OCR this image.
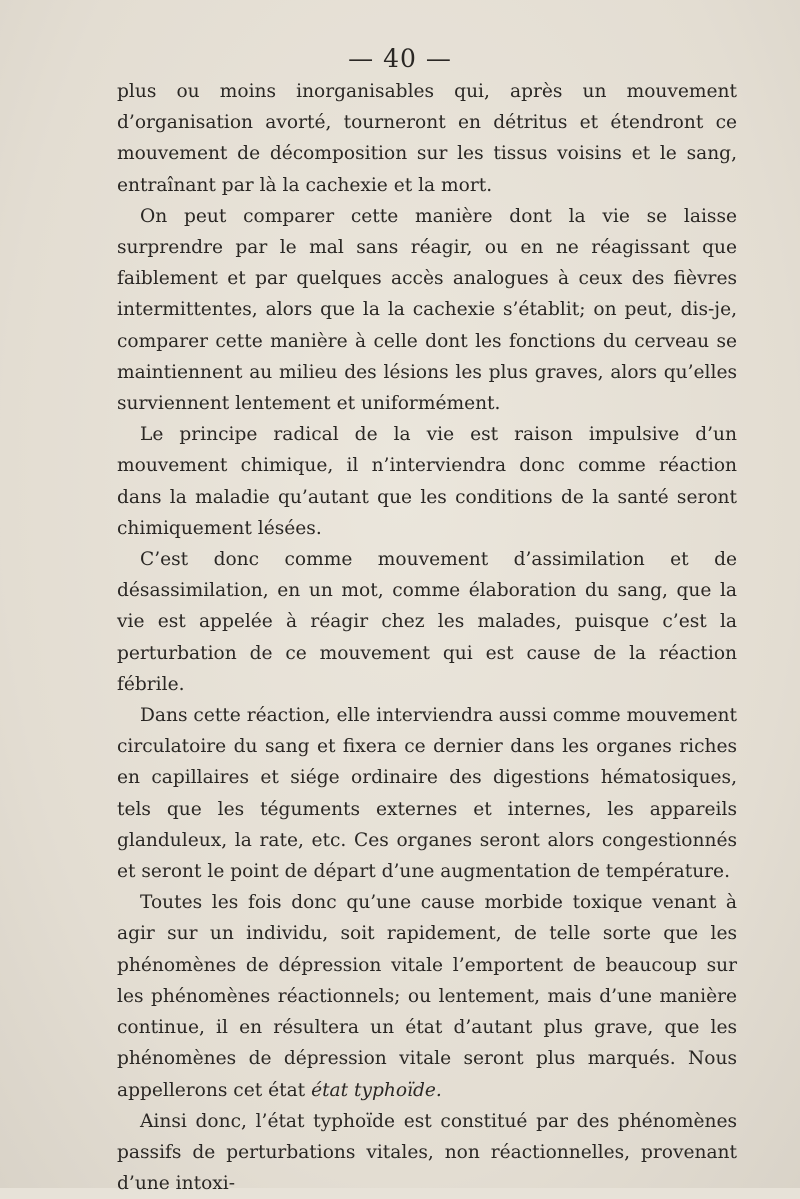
— 40 —

plus ou moins inorganisables qui, après un mouvement d’organisation avorté, tourneront en détritus et étendront ce mouvement de décomposition sur les tissus voisins et le sang, entraînant par là la cachexie et la mort.

On peut comparer cette manière dont la vie se laisse surprendre par le mal sans réagir, ou en ne réagissant que faiblement et par quelques accès analogues à ceux des fièvres intermittentes, alors que la la cachexie s’établit; on peut, dis-je, comparer cette manière à celle dont les fonctions du cerveau se maintiennent au milieu des lésions les plus graves, alors qu’elles surviennent lentement et uniformément.

Le principe radical de la vie est raison impulsive d’un mouvement chimique, il n’interviendra donc comme réaction dans la maladie qu’autant que les conditions de la santé seront chimiquement lésées.

C’est donc comme mouvement d’assimilation et de désassimilation, en un mot, comme élaboration du sang, que la vie est appelée à réagir chez les malades, puisque c’est la perturbation de ce mouvement qui est cause de la réaction fébrile.

Dans cette réaction, elle interviendra aussi comme mouvement circulatoire du sang et fixera ce dernier dans les organes riches en capillaires et siége ordinaire des digestions hématosiques, tels que les téguments externes et internes, les appareils glanduleux, la rate, etc. Ces organes seront alors congestionnés et seront le point de départ d’une augmentation de température.

Toutes les fois donc qu’une cause morbide toxique venant à agir sur un individu, soit rapidement, de telle sorte que les phénomènes de dépression vitale l’emportent de beaucoup sur les phénomènes réactionnels; ou lentement, mais d’une manière continue, il en résultera un état d’autant plus grave, que les phénomènes de dépression vitale seront plus marqués. Nous appellerons cet état état typhoïde.

Ainsi donc, l’état typhoïde est constitué par des phénomènes passifs de perturbations vitales, non réactionnelles, provenant d’une intoxi-
